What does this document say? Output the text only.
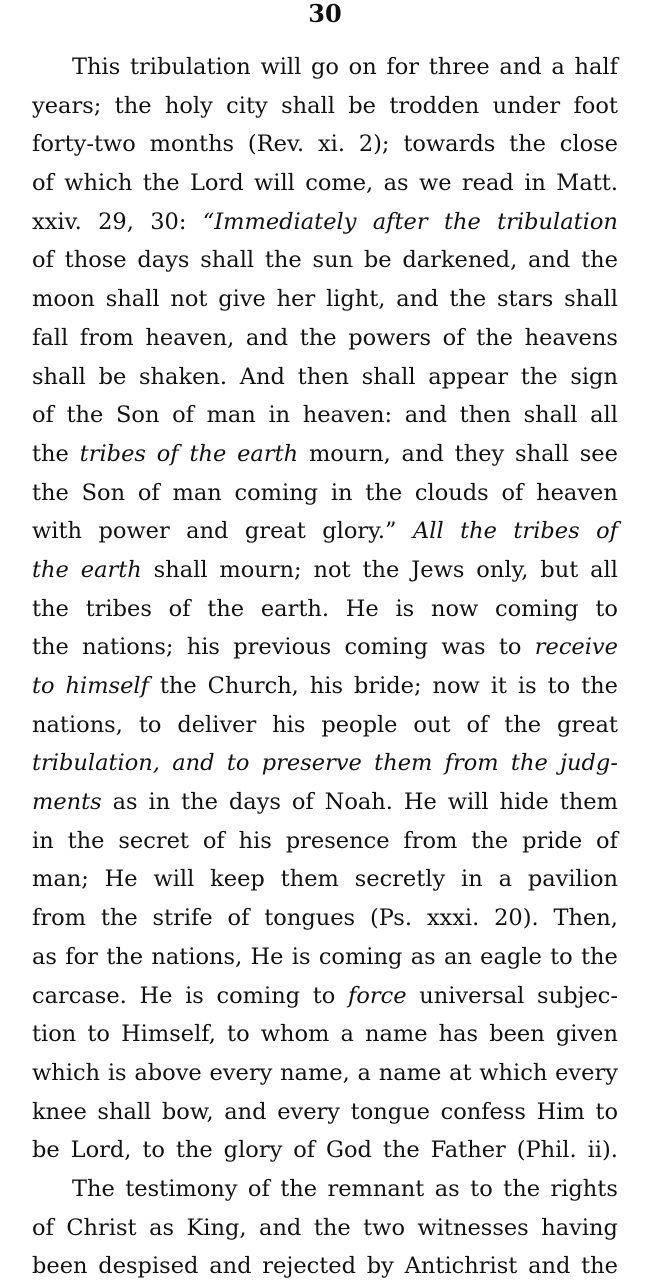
30
This tribulation will go on for three and a half
years; the holy city shall be trodden under foot
forty-two months (Rev. xi. 2); towards the close
of which the Lord will come, as we read in Matt.
xxiv. 29, 30: “Immediately after the tribulation
of those days shall the sun be darkened, and the
moon shall not give her light, and the stars shall
fall from heaven, and the powers of the heavens
shall be shaken. And then shall appear the sign
of the Son of man in heaven: and then shall all
the tribes of the earth mourn, and they shall see
the Son of man coming in the clouds of heaven
with power and great glory.” All the tribes of
the earth shall mourn; not the Jews only, but all
the tribes of the earth. He is now coming to
the nations; his previous coming was to receive
to himself the Church, his bride; now it is to the
nations, to deliver his people out of the great
tribulation, and to preserve them from the judg-
ments as in the days of Noah. He will hide them
in the secret of his presence from the pride of
man; He will keep them secretly in a pavilion
from the strife of tongues (Ps. xxxi. 20). Then,
as for the nations, He is coming as an eagle to the
carcase. He is coming to force universal subjec-
tion to Himself, to whom a name has been given
which is above every name, a name at which every
knee shall bow, and every tongue confess Him to
be Lord, to the glory of God the Father (Phil. ii).
The testimony of the remnant as to the rights
of Christ as King, and the two witnesses having
been despised and rejected by Antichrist and the
